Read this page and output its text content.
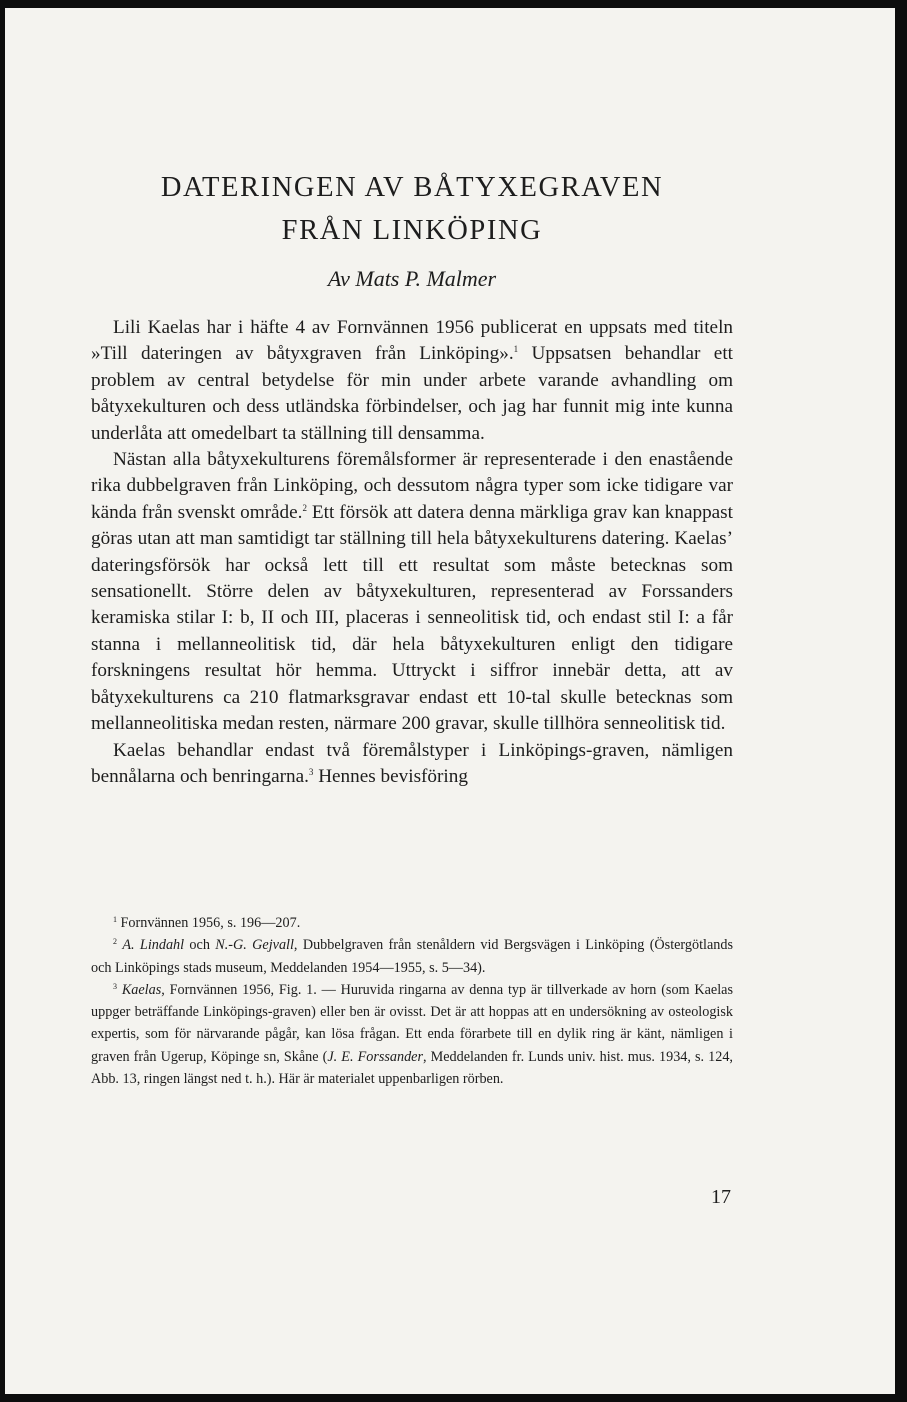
DATERINGEN AV BÅTYXEGRAVEN
FRÅN LINKÖPING

Av Mats P. Malmer

Lili Kaelas har i häfte 4 av Fornvännen 1956 publicerat en uppsats med titeln »Till dateringen av båtyxgraven från Linköping».$^1$ Uppsatsen behandlar ett problem av central betydelse för min under arbete varande avhandling om båtyxekulturen och dess utländska förbindelser, och jag har funnit mig inte kunna underlåta att omedelbart ta ställning till densamma.

Nästan alla båtyxekulturens föremålsformer är representerade i den enastående rika dubbelgraven från Linköping, och dessutom några typer som icke tidigare var kända från svenskt område.$^2$ Ett försök att datera denna märkliga grav kan knappast göras utan att man samtidigt tar ställning till hela båtyxekulturens datering. Kaelas’ dateringsförsök har också lett till ett resultat som måste betecknas som sensationellt. Större delen av båtyxekulturen, representerad av Forssanders keramiska stilar I: b, II och III, placeras i senneolitisk tid, och endast stil I: a får stanna i mellanneolitisk tid, där hela båtyxekulturen enligt den tidigare forskningens resultat hör hemma. Uttryckt i siffror innebär detta, att av båtyxekulturens ca 210 flatmarksgravar endast ett 10-tal skulle betecknas som mellanneolitiska medan resten, närmare 200 gravar, skulle tillhöra senneolitisk tid.

Kaelas behandlar endast två föremålstyper i Linköpings-graven, nämligen bennålarna och benringarna.$^3$ Hennes bevisföring

$^1$ Fornvännen 1956, s. 196—207.

$^2$ A. Lindahl och N.-G. Gejvall, Dubbelgraven från stenåldern vid Bergsvägen i Linköping (Östergötlands och Linköpings stads museum, Meddelanden 1954—1955, s. 5—34).

$^3$ Kaelas, Fornvännen 1956, Fig. 1. — Huruvida ringarna av denna typ är tillverkade av horn (som Kaelas uppger beträffande Linköpings-graven) eller ben är ovisst. Det är att hoppas att en undersökning av osteologisk expertis, som för närvarande pågår, kan lösa frågan. Ett enda förarbete till en dylik ring är känt, nämligen i graven från Ugerup, Köpinge sn, Skåne (J. E. Forssander, Meddelanden fr. Lunds univ. hist. mus. 1934, s. 124, Abb. 13, ringen längst ned t. h.). Här är materialet uppenbarligen rörben.

17
